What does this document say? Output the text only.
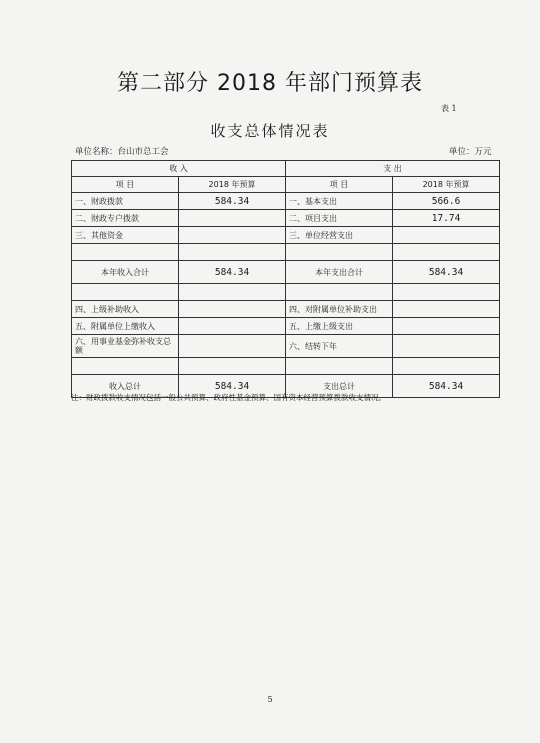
第二部分 2018 年部门预算表
表 1
收支总体情况表
单位名称：台山市总工会	单位：万元
收 入		支 出	
项 目	2018 年预算	项 目	2018 年预算
一、财政拨款	584.34	一、基本支出	566.6
二、财政专户拨款		二、项目支出	17.74
三、其他资金		三、单位经营支出	

本年收入合计	584.34	本年支出合计	584.34

四、上级补助收入		四、对附属单位补助支出	
五、附属单位上缴收入		五、上缴上级支出	
六、用事业基金弥补收支总额		六、结转下年	

收入总计	584.34	支出总计	584.34
注：财政拨款收支情况包括一般公共预算、政府性基金预算、国有资本经营预算拨款收支情况。
5
